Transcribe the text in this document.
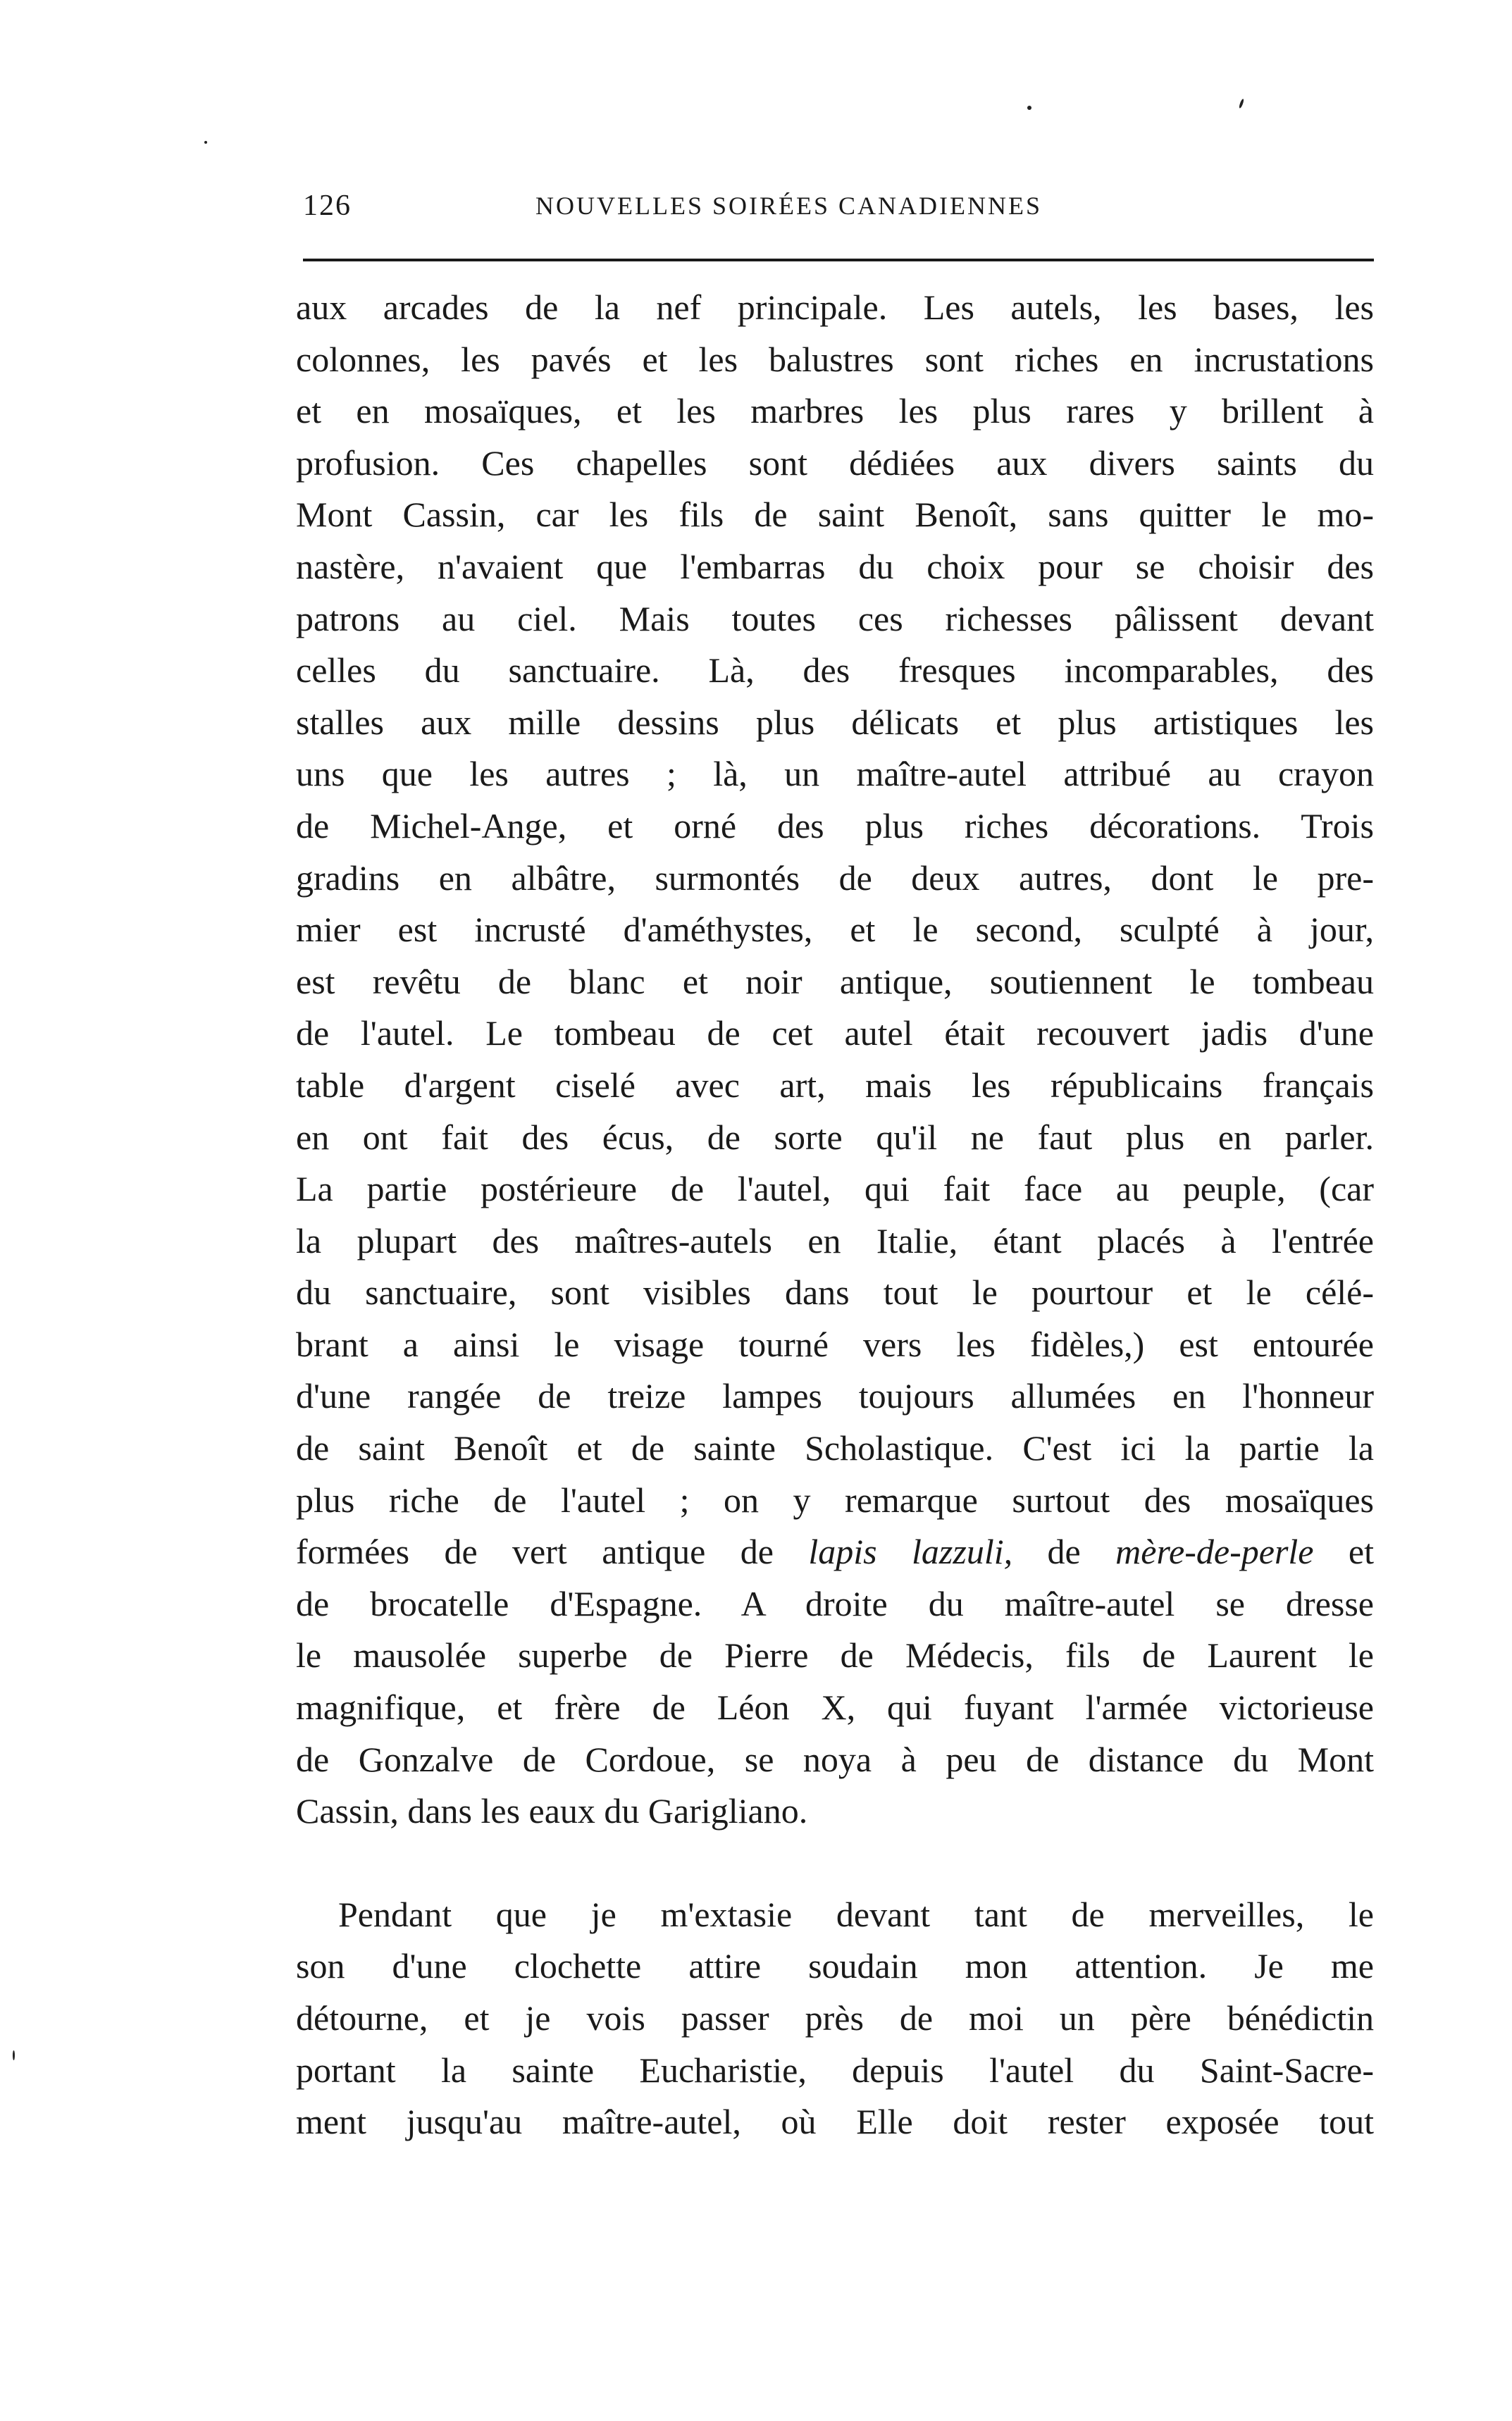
126	NOUVELLES SOIRÉES CANADIENNES
aux arcades de la nef principale. Les autels, les bases, les
colonnes, les pavés et les balustres sont riches en incrustations
et en mosaïques, et les marbres les plus rares y brillent à
profusion. Ces chapelles sont dédiées aux divers saints du
Mont Cassin, car les fils de saint Benoît, sans quitter le mo-
nastère, n'avaient que l'embarras du choix pour se choisir des
patrons au ciel. Mais toutes ces richesses pâlissent devant
celles du sanctuaire. Là, des fresques incomparables, des
stalles aux mille dessins plus délicats et plus artistiques les
uns que les autres ; là, un maître-autel attribué au crayon
de Michel-Ange, et orné des plus riches décorations. Trois
gradins en albâtre, surmontés de deux autres, dont le pre-
mier est incrusté d'améthystes, et le second, sculpté à jour,
est revêtu de blanc et noir antique, soutiennent le tombeau
de l'autel. Le tombeau de cet autel était recouvert jadis d'une
table d'argent ciselé avec art, mais les républicains français
en ont fait des écus, de sorte qu'il ne faut plus en parler.
La partie postérieure de l'autel, qui fait face au peuple, (car
la plupart des maîtres-autels en Italie, étant placés à l'entrée
du sanctuaire, sont visibles dans tout le pourtour et le célé-
brant a ainsi le visage tourné vers les fidèles,) est entourée
d'une rangée de treize lampes toujours allumées en l'honneur
de saint Benoît et de sainte Scholastique. C'est ici la partie la
plus riche de l'autel ; on y remarque surtout des mosaïques
formées de vert antique de lapis lazzuli, de mère-de-perle et
de brocatelle d'Espagne. A droite du maître-autel se dresse
le mausolée superbe de Pierre de Médecis, fils de Laurent le
magnifique, et frère de Léon X, qui fuyant l'armée victorieuse
de Gonzalve de Cordoue, se noya à peu de distance du Mont
Cassin, dans les eaux du Garigliano.
Pendant que je m'extasie devant tant de merveilles, le
son d'une clochette attire soudain mon attention. Je me
détourne, et je vois passer près de moi un père bénédictin
portant la sainte Eucharistie, depuis l'autel du Saint-Sacre-
ment jusqu'au maître-autel, où Elle doit rester exposée tout
